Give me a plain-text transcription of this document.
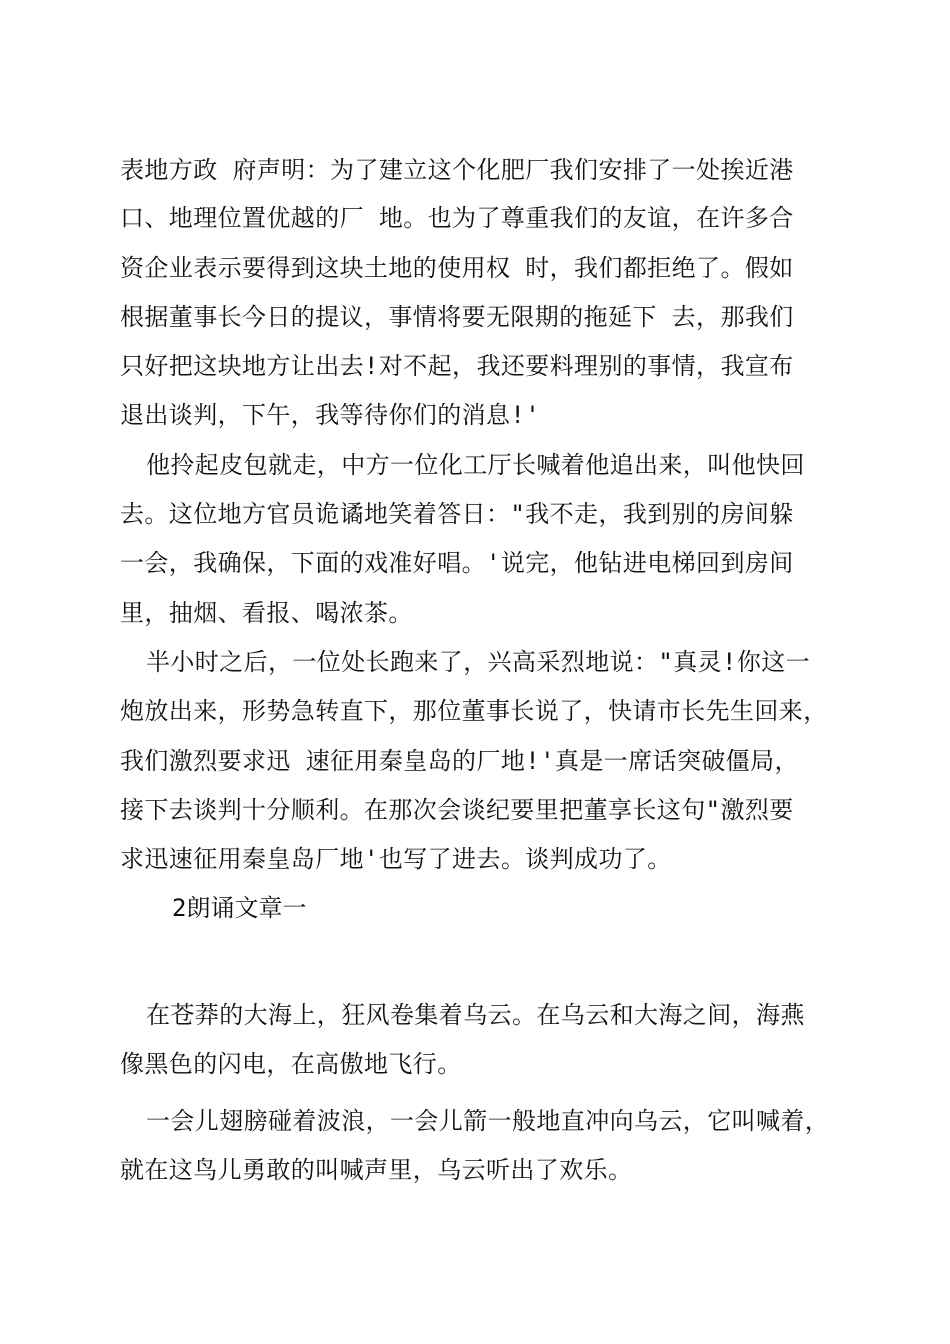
表地方政 府声明：为了建立这个化肥厂我们安排了一处挨近港
口、地理位置优越的厂 地。也为了尊重我们的友谊，在许多合
资企业表示要得到这块土地的使用权 时，我们都拒绝了。假如
根据董事长今日的提议，事情将要无限期的拖延下 去，那我们
只好把这块地方让出去!对不起，我还要料理别的事情，我宣布
退出谈判，下午，我等待你们的消息!'
他拎起皮包就走，中方一位化工厅长喊着他追出来，叫他快回
去。这位地方官员诡谲地笑着答日："我不走，我到别的房间躲
一会，我确保，下面的戏准好唱。'说完，他钻进电梯回到房间
里，抽烟、看报、喝浓茶。
半小时之后，一位处长跑来了，兴高采烈地说："真灵!你这一
炮放出来，形势急转直下，那位董事长说了，快请市长先生回来，
我们激烈要求迅 速征用秦皇岛的厂地!'真是一席话突破僵局，
接下去谈判十分顺利。在那次会谈纪要里把董享长这句"激烈要
求迅速征用秦皇岛厂地'也写了进去。谈判成功了。
2朗诵文章一
在苍莽的大海上，狂风卷集着乌云。在乌云和大海之间，海燕
像黑色的闪电，在高傲地飞行。
一会儿翅膀碰着波浪，一会儿箭一般地直冲向乌云，它叫喊着，
就在这鸟儿勇敢的叫喊声里，乌云听出了欢乐。
